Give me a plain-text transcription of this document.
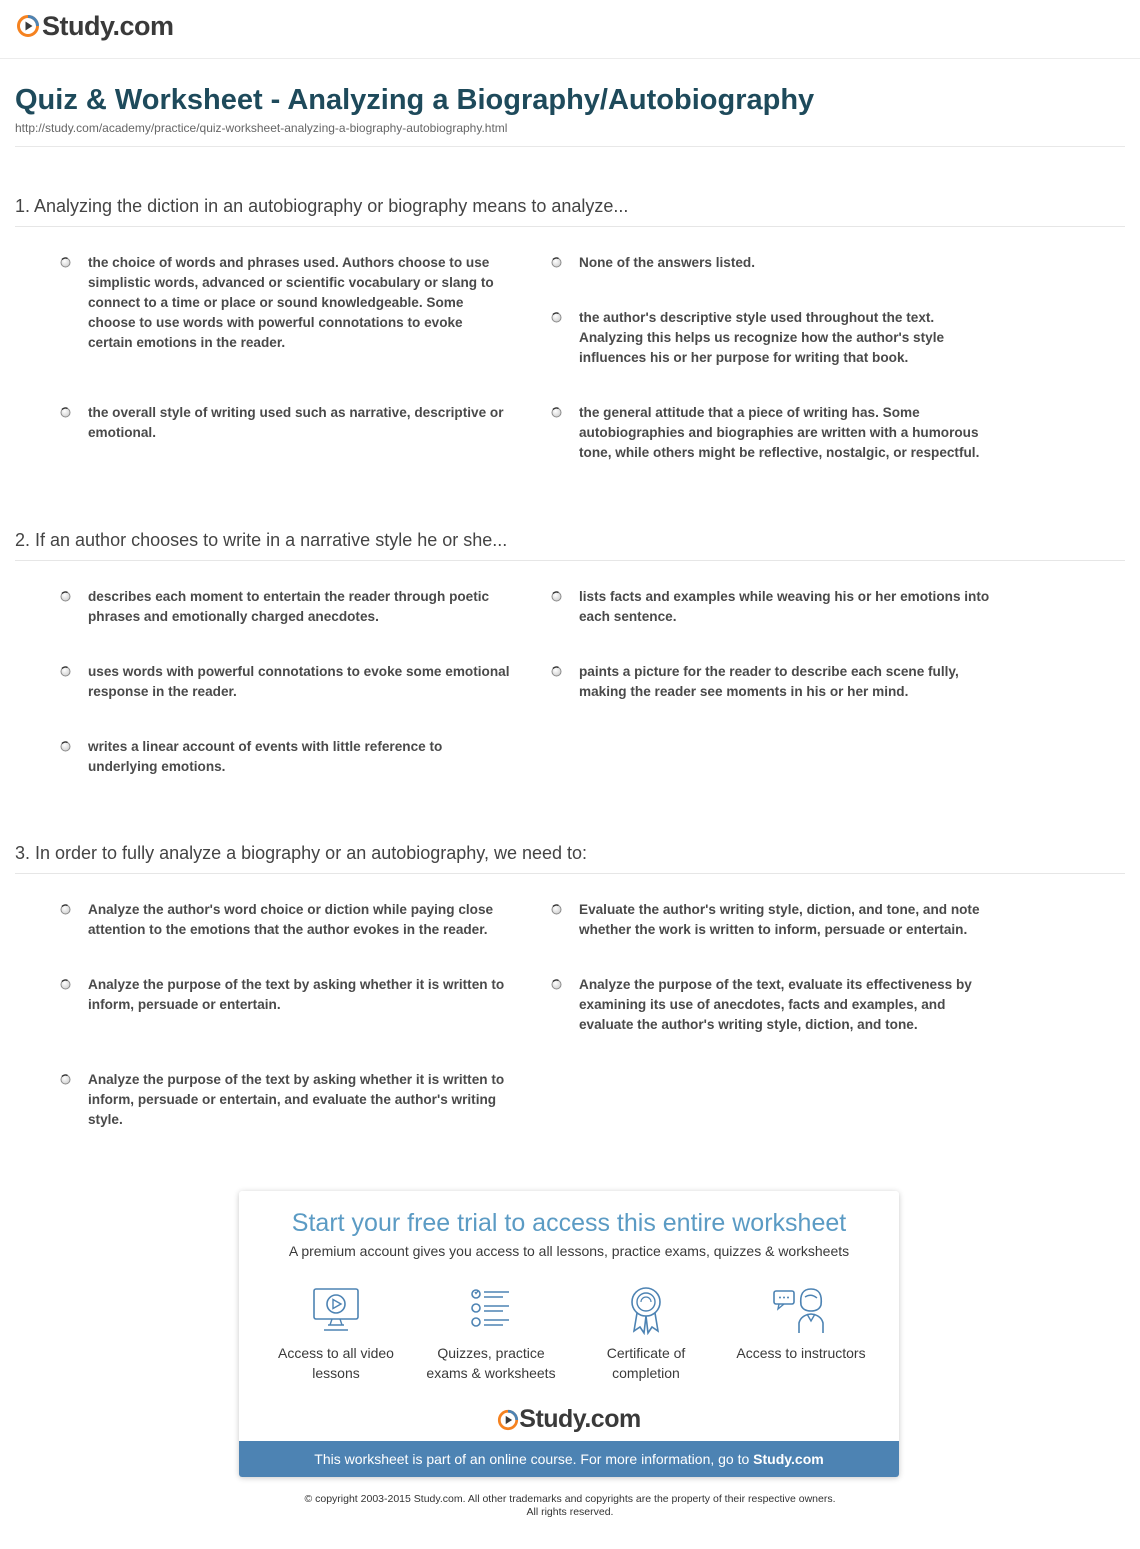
Study.com
Quiz & Worksheet - Analyzing a Biography/Autobiography
http://study.com/academy/practice/quiz-worksheet-analyzing-a-biography-autobiography.html
1. Analyzing the diction in an autobiography or biography means to analyze...
the choice of words and phrases used. Authors choose to use simplistic words, advanced or scientific vocabulary or slang to connect to a time or place or sound knowledgeable. Some choose to use words with powerful connotations to evoke certain emotions in the reader.
None of the answers listed.
the author's descriptive style used throughout the text. Analyzing this helps us recognize how the author's style influences his or her purpose for writing that book.
the overall style of writing used such as narrative, descriptive or emotional.
the general attitude that a piece of writing has. Some autobiographies and biographies are written with a humorous tone, while others might be reflective, nostalgic, or respectful.
2. If an author chooses to write in a narrative style he or she...
describes each moment to entertain the reader through poetic phrases and emotionally charged anecdotes.
lists facts and examples while weaving his or her emotions into each sentence.
uses words with powerful connotations to evoke some emotional response in the reader.
paints a picture for the reader to describe each scene fully, making the reader see moments in his or her mind.
writes a linear account of events with little reference to underlying emotions.
3. In order to fully analyze a biography or an autobiography, we need to:
Analyze the author's word choice or diction while paying close attention to the emotions that the author evokes in the reader.
Evaluate the author's writing style, diction, and tone, and note whether the work is written to inform, persuade or entertain.
Analyze the purpose of the text by asking whether it is written to inform, persuade or entertain.
Analyze the purpose of the text, evaluate its effectiveness by examining its use of anecdotes, facts and examples, and evaluate the author's writing style, diction, and tone.
Analyze the purpose of the text by asking whether it is written to inform, persuade or entertain, and evaluate the author's writing style.
Start your free trial to access this entire worksheet
A premium account gives you access to all lessons, practice exams, quizzes & worksheets
Access to all video lessons
Quizzes, practice exams & worksheets
Certificate of completion
Access to instructors
Study.com
This worksheet is part of an online course. For more information, go to Study.com
© copyright 2003-2015 Study.com. All other trademarks and copyrights are the property of their respective owners.
All rights reserved.
